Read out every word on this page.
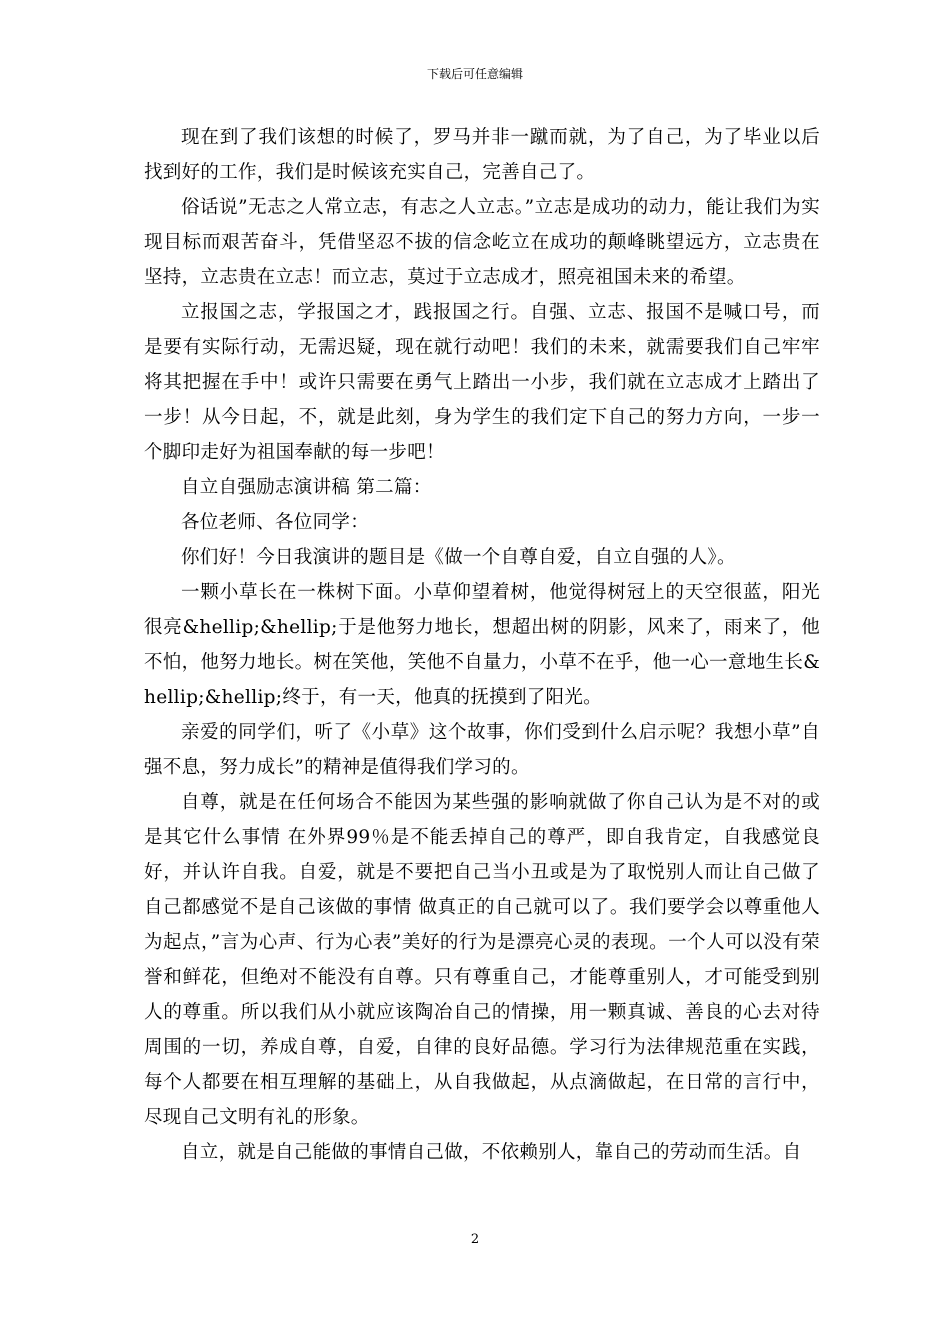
下载后可任意编辑

现在到了我们该想的时候了，罗马并非一蹴而就，为了自己，为了毕业以后找到好的工作，我们是时候该充实自己，完善自己了。

俗话说”无志之人常立志，有志之人立志。”立志是成功的动力，能让我们为实现目标而艰苦奋斗，凭借坚忍不拔的信念屹立在成功的颠峰眺望远方，立志贵在坚持，立志贵在立志！而立志，莫过于立志成才，照亮祖国未来的希望。

立报国之志，学报国之才，践报国之行。自强、立志、报国不是喊口号，而是要有实际行动，无需迟疑，现在就行动吧！我们的未来，就需要我们自己牢牢将其把握在手中！或许只需要在勇气上踏出一小步，我们就在立志成才上踏出了一步！从今日起，不，就是此刻，身为学生的我们定下自己的努力方向，一步一个脚印走好为祖国奉献的每一步吧！

自立自强励志演讲稿 第二篇：

各位老师、各位同学：

你们好！今日我演讲的题目是《做一个自尊自爱，自立自强的人》。

一颗小草长在一株树下面。小草仰望着树，他觉得树冠上的天空很蓝，阳光很亮&hellip;&hellip;于是他努力地长，想超出树的阴影，风来了，雨来了，他不怕，他努力地长。树在笑他，笑他不自量力，小草不在乎，他一心一意地生长&hellip;&hellip;终于，有一天，他真的抚摸到了阳光。

亲爱的同学们，听了《小草》这个故事，你们受到什么启示呢？我想小草”自强不息，努力成长”的精神是值得我们学习的。

自尊，就是在任何场合不能因为某些强的影响就做了你自己认为是不对的或是其它什么事情 在外界99％是不能丢掉自己的尊严，即自我肯定，自我感觉良好，并认许自我。自爱，就是不要把自己当小丑或是为了取悦别人而让自己做了自己都感觉不是自己该做的事情 做真正的自己就可以了。我们要学会以尊重他人为起点，”言为心声、行为心表”美好的行为是漂亮心灵的表现。一个人可以没有荣誉和鲜花，但绝对不能没有自尊。只有尊重自己，才能尊重别人，才可能受到别人的尊重。所以我们从小就应该陶冶自己的情操，用一颗真诚、善良的心去对待周围的一切，养成自尊，自爱，自律的良好品德。学习行为法律规范重在实践，每个人都要在相互理解的基础上，从自我做起，从点滴做起，在日常的言行中，尽现自己文明有礼的形象。

自立，就是自己能做的事情自己做，不依赖别人，靠自己的劳动而生活。自

2
